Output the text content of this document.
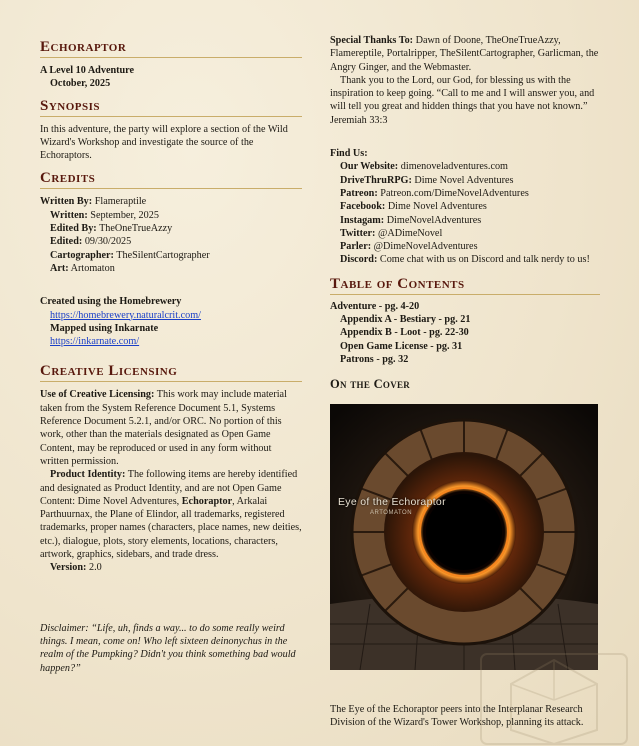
Echoraptor
A Level 10 Adventure
October, 2025
Synopsis

In this adventure, the party will explore a section of the Wild Wizard's Workshop and investigate the source of the Echoraptors.

Credits
Written By: Flameraptile
Written: September, 2025
Edited By: TheOneTrueAzzy
Edited: 09/30/2025
Cartographer: TheSilentCartographer
Art: Artomaton
Created using the Homebrewery
https://homebrewery.naturalcrit.com/
Mapped using Inkarnate
https://inkarnate.com/
Creative Licensing

Use of Creative Licensing: This work may include material taken from the System Reference Document 5.1, Systems Reference Document 5.2.1, and/or ORC. No portion of this work, other than the materials designated as Open Game Content, may be reproduced or used in any form without written permission.

Product Identity: The following items are hereby identified and designated as Product Identity, and are not Open Game Content: Dime Novel Adventures, Echoraptor, Arkalai Parthuurnax, the Plane of Elindor, all trademarks, registered trademarks, proper names (characters, place names, new deities, etc.), dialogue, plots, story elements, locations, characters, artwork, graphics, sidebars, and trade dress.

Version: 2.0

Disclaimer: “Life, uh, finds a way... to do some really weird things. I mean, come on! Who left sixteen deinonychus in the realm of the Pumpking? Didn't you think something bad would happen?”

Special Thanks To: Dawn of Doone, TheOneTrueAzzy, Flamereptile, Portalripper, TheSilentCartographer, Garlicman, the Angry Ginger, and the Webmaster.

Thank you to the Lord, our God, for blessing us with the inspiration to keep going. “Call to me and I will answer you, and will tell you great and hidden things that you have not known.” Jeremiah 33:3

Find Us:
Our Website: dimenoveladventures.com
DriveThruRPG: Dime Novel Adventures
Patreon: Patreon.com/DimeNovelAdventures
Facebook: Dime Novel Adventures
Instagam: DimeNovelAdventures
Twitter: @ADimeNovel
Parler: @DimeNovelAdventures

Discord: Come chat with us on Discord and talk nerdy to us!

Table of Contents
Adventure - pg. 4-20
Appendix A - Bestiary - pg. 21
Appendix B - Loot - pg. 22-30
Open Game License - pg. 31
Patrons - pg. 32
On the Cover
Eye of the Echoraptor
ARTOMATON

The Eye of the Echoraptor peers into the Interplanar Research Division of the Wizard's Tower Workshop, planning its attack.
